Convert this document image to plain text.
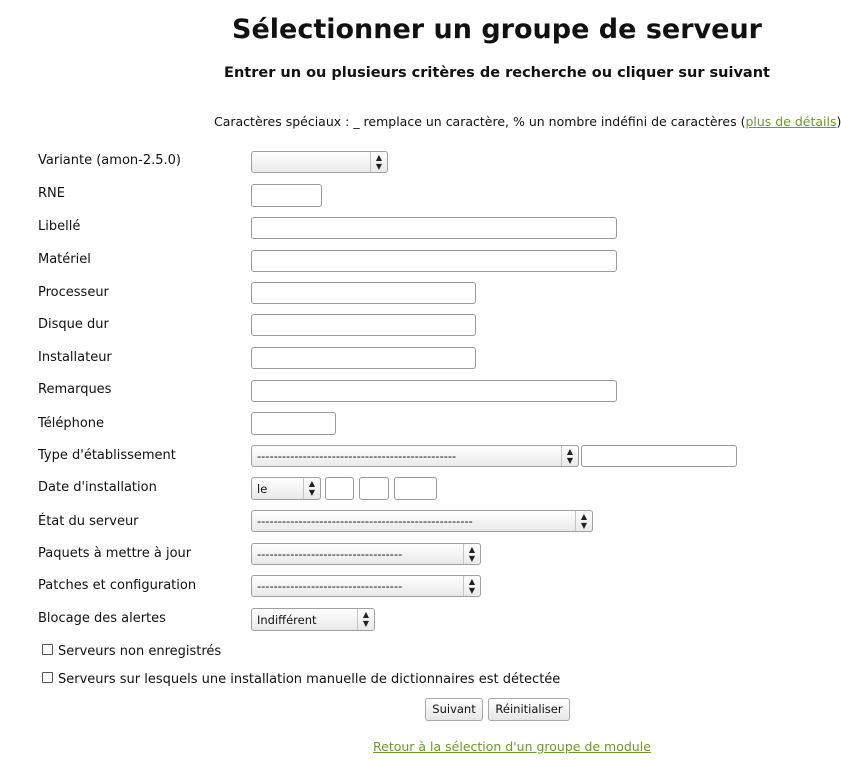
Sélectionner un groupe de serveur
Entrer un ou plusieurs critères de recherche ou cliquer sur suivant
Caractères spéciaux : _ remplace un caractère, % un nombre indéfini de caractères (plus de détails)
Variante (amon-2.5.0)	▲
▼
RNE
Libellé
Matériel
Processeur
Disque dur
Installateur
Remarques
Téléphone
Type d'établissement	------------------------------------------------	▲
▼
Date d'installation	le	▲
▼
État du serveur	----------------------------------------------------	▲
▼
Paquets à mettre à jour	-----------------------------------	▲
▼
Patches et configuration	-----------------------------------	▲
▼
Blocage des alertes	Indifférent	▲
▼
Serveurs non enregistrés
Serveurs sur lesquels une installation manuelle de dictionnaires est détectée
Suivant	Réinitialiser
Retour à la sélection d'un groupe de module
